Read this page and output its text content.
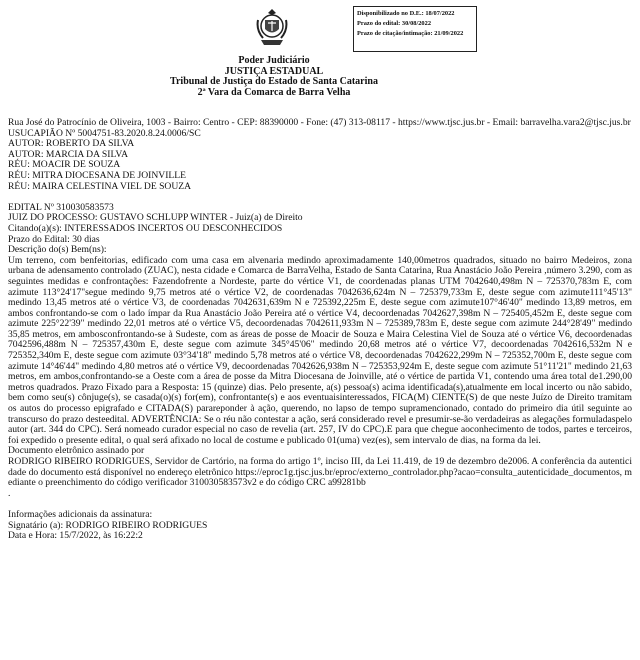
Disponibilizado no D.E.: 18/07/2022
Prazo do edital: 30/08/2022
Prazo de citação/intimação: 21/09/2022
Poder Judiciário
JUSTIÇA ESTADUAL
Tribunal de Justiça do Estado de Santa Catarina
2ª Vara da Comarca de Barra Velha
Rua José do Patrocínio de Oliveira, 1003 - Bairro: Centro - CEP: 88390000 - Fone: (47) 313-08117 - https://www.tjsc.jus.br - Email: barravelha.vara2@tjsc.jus.br
USUCAPIÃO Nº 5004751-83.2020.8.24.0006/SC
AUTOR: ROBERTO DA SILVA
AUTOR: MARCIA DA SILVA
RÉU: MOACIR DE SOUZA
RÉU: MITRA DIOCESANA DE JOINVILLE
RÉU: MAIRA CELESTINA VIEL DE SOUZA
EDITAL Nº 310030583573
JUIZ DO PROCESSO: GUSTAVO SCHLUPP WINTER - Juiz(a) de Direito
Citando(a)(s): INTERESSADOS INCERTOS OU DESCONHECIDOS
Prazo do Edital: 30 dias
Descrição do(s) Bem(ns):
Um terreno, com benfeitorias, edificado com uma casa em alvenaria medindo aproximadamente 140,00metros quadrados, situado no bairro Medeiros, zona urbana de adensamento controlado (ZUAC), nesta cidade e Comarca de BarraVelha, Estado de Santa Catarina, Rua Anastácio João Pereira ,número 3.290, com as seguintes medidas e confrontações: Fazendofrente a Nordeste, parte do vértice V1, de coordenadas planas UTM 7042640,498m N – 725370,783m E, com azimute 113°24'17"segue medindo 9,75 metros até o vértice V2, de coordenadas 7042636,624m N – 725379,733m E, deste segue com azimute111°45'13" medindo 13,45 metros até o vértice V3, de coordenadas 7042631,639m N e 725392,225m E, deste segue com azimute107°46'40" medindo 13,89 metros, em ambos confrontando-se com o lado ímpar da Rua Anastácio João Pereira até o vértice V4, decoordenadas 7042627,398m N – 725405,452m E, deste segue com azimute 225°22'39" medindo 22,01 metros até o vértice V5, decoordenadas 7042611,933m N – 725389,783m E, deste segue com azimute 244°28'49" medindo 35,85 metros, em ambosconfrontando-se à Sudeste, com as áreas de posse de Moacir de Souza e Maira Celestina Viel de Souza até o vértice V6, decoordenadas 7042596,488m N – 725357,430m E, deste segue com azimute 345°45'06" medindo 20,68 metros até o vértice V7, decoordenadas 7042616,532m N e 725352,340m E, deste segue com azimute 03°34'18" medindo 5,78 metros até o vértice V8, decoordenadas 7042622,299m N – 725352,700m E, deste segue com azimute 14°46'44" medindo 4,80 metros até o vértice V9, decoordenadas 7042626,938m N – 725353,924m E, deste segue com azimute 51°11'21" medindo 21,63 metros, em ambos,confrontando-se a Oeste com a área de posse da Mitra Diocesana de Joinville, até o vértice de partida V1, contendo uma área total de1.290,00 metros quadrados. Prazo Fixado para a Resposta: 15 (quinze) dias. Pelo presente, a(s) pessoa(s) acima identificada(s),atualmente em local incerto ou não sabido, bem como seu(s) cônjuge(s), se casada(o)(s) for(em), confrontante(s) e aos eventuaisinteressados, FICA(M) CIENTE(S) de que neste Juízo de Direito tramitam os autos do processo epigrafado e CITADA(S) parareponder à ação, querendo, no lapso de tempo supramencionado, contado do primeiro dia útil seguinte ao transcurso do prazo desteedital. ADVERTÊNCIA: Se o réu não contestar a ação, será considerado revel e presumir-se-ão verdadeiras as alegações formuladaspelo autor (art. 344 do CPC). Será nomeado curador especial no caso de revelia (art. 257, IV do CPC).E para que chegue aoconhecimento de todos, partes e terceiros, foi expedido o presente edital, o qual será afixado no local de costume e publicado 01(uma) vez(es), sem intervalo de dias, na forma da lei.
Documento eletrônico assinado por
RODRIGO RIBEIRO RODRIGUES, Servidor de Cartório, na forma do artigo 1º, inciso III, da Lei 11.419, de 19 de dezembro de2006. A conferência da autenticidade do documento está disponível no endereço eletrônico https://eproc1g.tjsc.jus.br/eproc/externo_controlador.php?acao=consulta_autenticidade_documentos, mediante o preenchimento do código verificador 310030583573v2 e do código CRC a99281bb
.
Informações adicionais da assinatura:
Signatário (a): RODRIGO RIBEIRO RODRIGUES
Data e Hora: 15/7/2022, às 16:22:2
